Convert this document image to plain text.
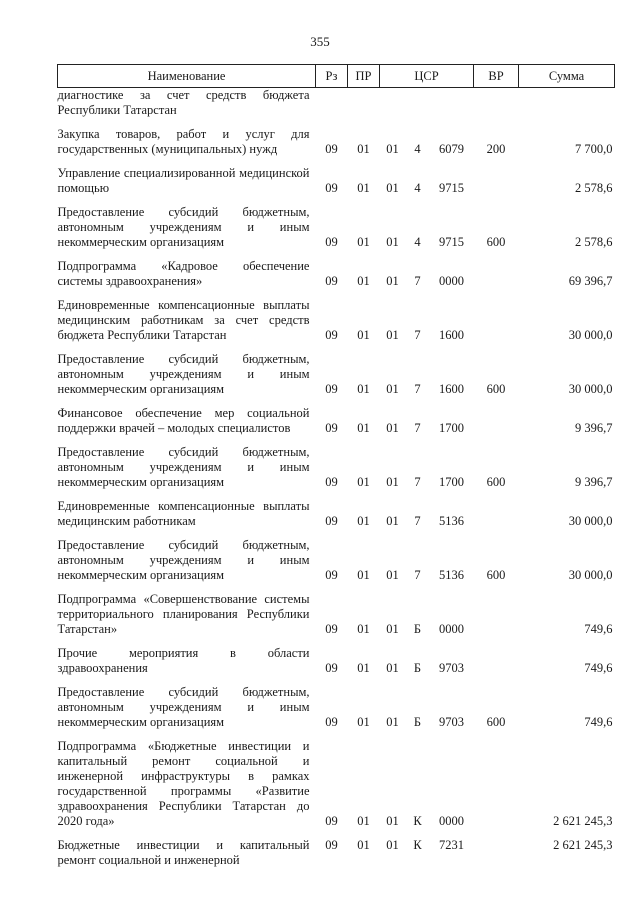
355
Наименование	Рз	ПР	ЦСР			ВР	Сумма
диагностике за счет средств бюджета Республики Татарстан							
Закупка товаров, работ и услуг для государственных (муниципальных) нужд	09	01	01	4	6079	200	7 700,0
Управление специализированной медицинской помощью	09	01	01	4	9715		2 578,6
Предоставление субсидий бюджетным, автономным учреждениям и иным некоммерческим организациям	09	01	01	4	9715	600	2 578,6
Подпрограмма «Кадровое обеспечение системы здравоохранения»	09	01	01	7	0000		69 396,7
Единовременные компенсационные выплаты медицинским работникам за счет средств бюджета Республики Татарстан	09	01	01	7	1600		30 000,0
Предоставление субсидий бюджетным, автономным учреждениям и иным некоммерческим организациям	09	01	01	7	1600	600	30 000,0
Финансовое обеспечение мер социальной поддержки врачей – молодых специалистов	09	01	01	7	1700		9 396,7
Предоставление субсидий бюджетным, автономным учреждениям и иным некоммерческим организациям	09	01	01	7	1700	600	9 396,7
Единовременные компенсационные выплаты медицинским работникам	09	01	01	7	5136		30 000,0
Предоставление субсидий бюджетным, автономным учреждениям и иным некоммерческим организациям	09	01	01	7	5136	600	30 000,0
Подпрограмма «Совершенствование системы территориального планирования Республики Татарстан»	09	01	01	Б	0000		749,6
Прочие мероприятия в области здравоохранения	09	01	01	Б	9703		749,6
Предоставление субсидий бюджетным, автономным учреждениям и иным некоммерческим организациям	09	01	01	Б	9703	600	749,6
Подпрограмма «Бюджетные инвестиции и капитальный ремонт социальной и инженерной инфраструктуры в рамках государственной программы «Развитие здравоохранения Республики Татарстан до 2020 года»	09	01	01	К	0000		2 621 245,3
Бюджетные инвестиции и капитальный ремонт социальной и инженерной	09	01	01	К	7231		2 621 245,3
